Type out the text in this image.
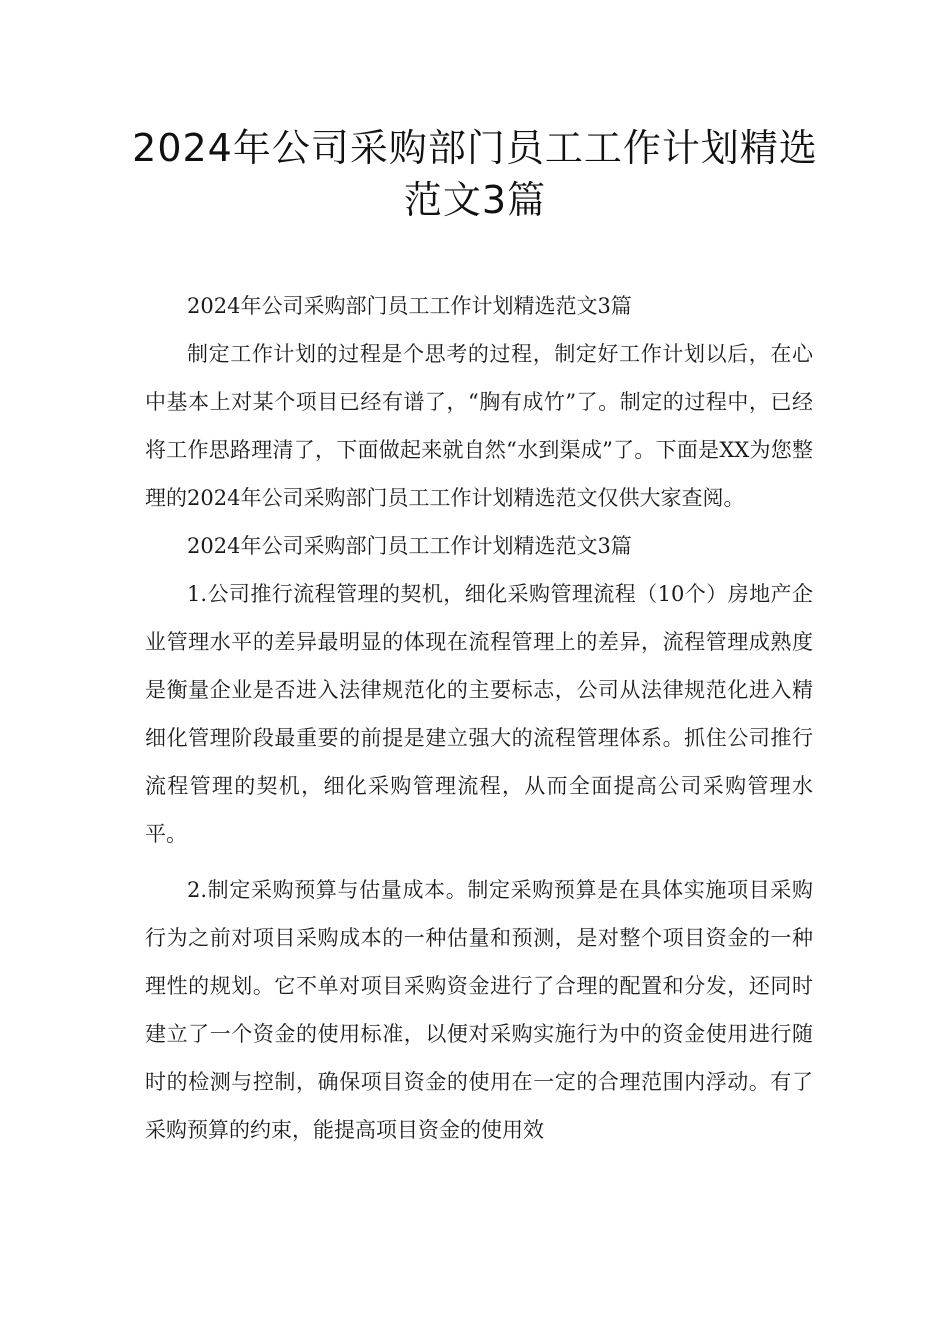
2024年公司采购部门员工工作计划精选
范文3篇

2024年公司采购部门员工工作计划精选范文3篇

制定工作计划的过程是个思考的过程，制定好工作计划以后，在心中基本上对某个项目已经有谱了，“胸有成竹”了。制定的过程中，已经将工作思路理清了，下面做起来就自然“水到渠成”了。下面是XX为您整理的2024年公司采购部门员工工作计划精选范文仅供大家查阅。

2024年公司采购部门员工工作计划精选范文3篇

1.公司推行流程管理的契机，细化采购管理流程（10个）房地产企业管理水平的差异最明显的体现在流程管理上的差异，流程管理成熟度是衡量企业是否进入法律规范化的主要标志，公司从法律规范化进入精细化管理阶段最重要的前提是建立强大的流程管理体系。抓住公司推行流程管理的契机，细化采购管理流程，从而全面提高公司采购管理水平。

2.制定采购预算与估量成本。制定采购预算是在具体实施项目采购行为之前对项目采购成本的一种估量和预测，是对整个项目资金的一种理性的规划。它不单对项目采购资金进行了合理的配置和分发，还同时建立了一个资金的使用标准，以便对采购实施行为中的资金使用进行随时的检测与控制，确保项目资金的使用在一定的合理范围内浮动。有了采购预算的约束，能提高项目资金的使用效
